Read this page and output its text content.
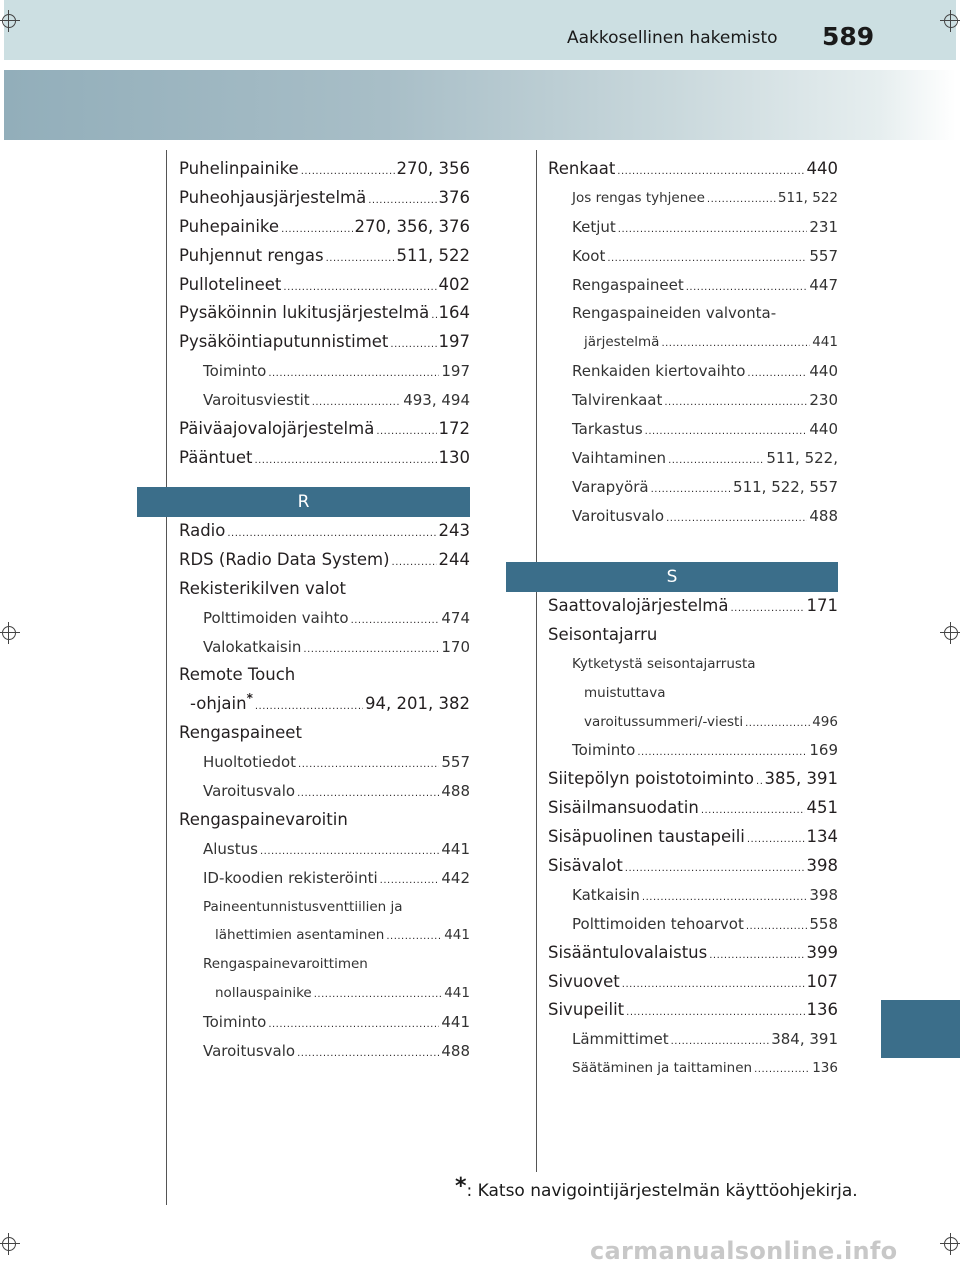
Aakkosellinen hakemisto 589
Puhelinpainike .....	270, 356
Puheohjausjärjestelmä .....	376
Puhepainike .....	270, 356, 376
Puhjennut rengas .....	511, 522
Pullotelineet .....	402
Pysäköinnin lukitusjärjestelmä ..... 164
Pysäköintiaputunnistimet .....	197
Toiminto .....	197
Varoitusviestit .....	493, 494
Päiväajovalojärjestelmä .....	172
Pääntuet .....	130
R
Radio .....	243
RDS (Radio Data System) .....	244
Rekisterikilven valot
Polttimoiden vaihto .....	474
Valokatkaisin .....	170
Remote Touch
-ohjain* .....	94, 201, 382
Rengaspaineet
Huoltotiedot .....	557
Varoitusvalo .....	488
Rengaspainevaroitin
Alustus .....	441
ID-koodien rekisteröinti .....	442
Paineentunnistusventtiilien ja
lähettimien asentaminen .....	441
Rengaspainevaroittimen
nollauspainike .....	441
Toiminto .....	441
Varoitusvalo .....	488
Renkaat .....	440
Jos rengas tyhjenee .....	511, 522
Ketjut .....	231
Koot .....	557
Rengaspaineet .....	447
Rengaspaineiden valvonta-
järjestelmä .....	441
Renkaiden kiertovaihto .....	440
Talvirenkaat .....	230
Tarkastus .....	440
Vaihtaminen .....	511, 522,
Varapyörä .....	511, 522, 557
Varoitusvalo .....	488
S
Saattovalojärjestelmä .....	171
Seisontajarru
Kytketystä seisontajarrusta
muistuttava
varoitussummeri/-viesti .....	496
Toiminto .....	169
Siitepölyn poistotoiminto ..... 385, 391
Sisäilmansuodatin .....	451
Sisäpuolinen taustapeili .....	134
Sisävalot .....	398
Katkaisin .....	398
Polttimoiden tehoarvot .....	558
Sisääntulovalaistus .....	399
Sivuovet .....	107
Sivupeilit .....	136
Lämmittimet .....	384, 391
Säätäminen ja taittaminen .....	136
*: Katso navigointijärjestelmän käyttöohjekirja.
carmanualsonline.info
